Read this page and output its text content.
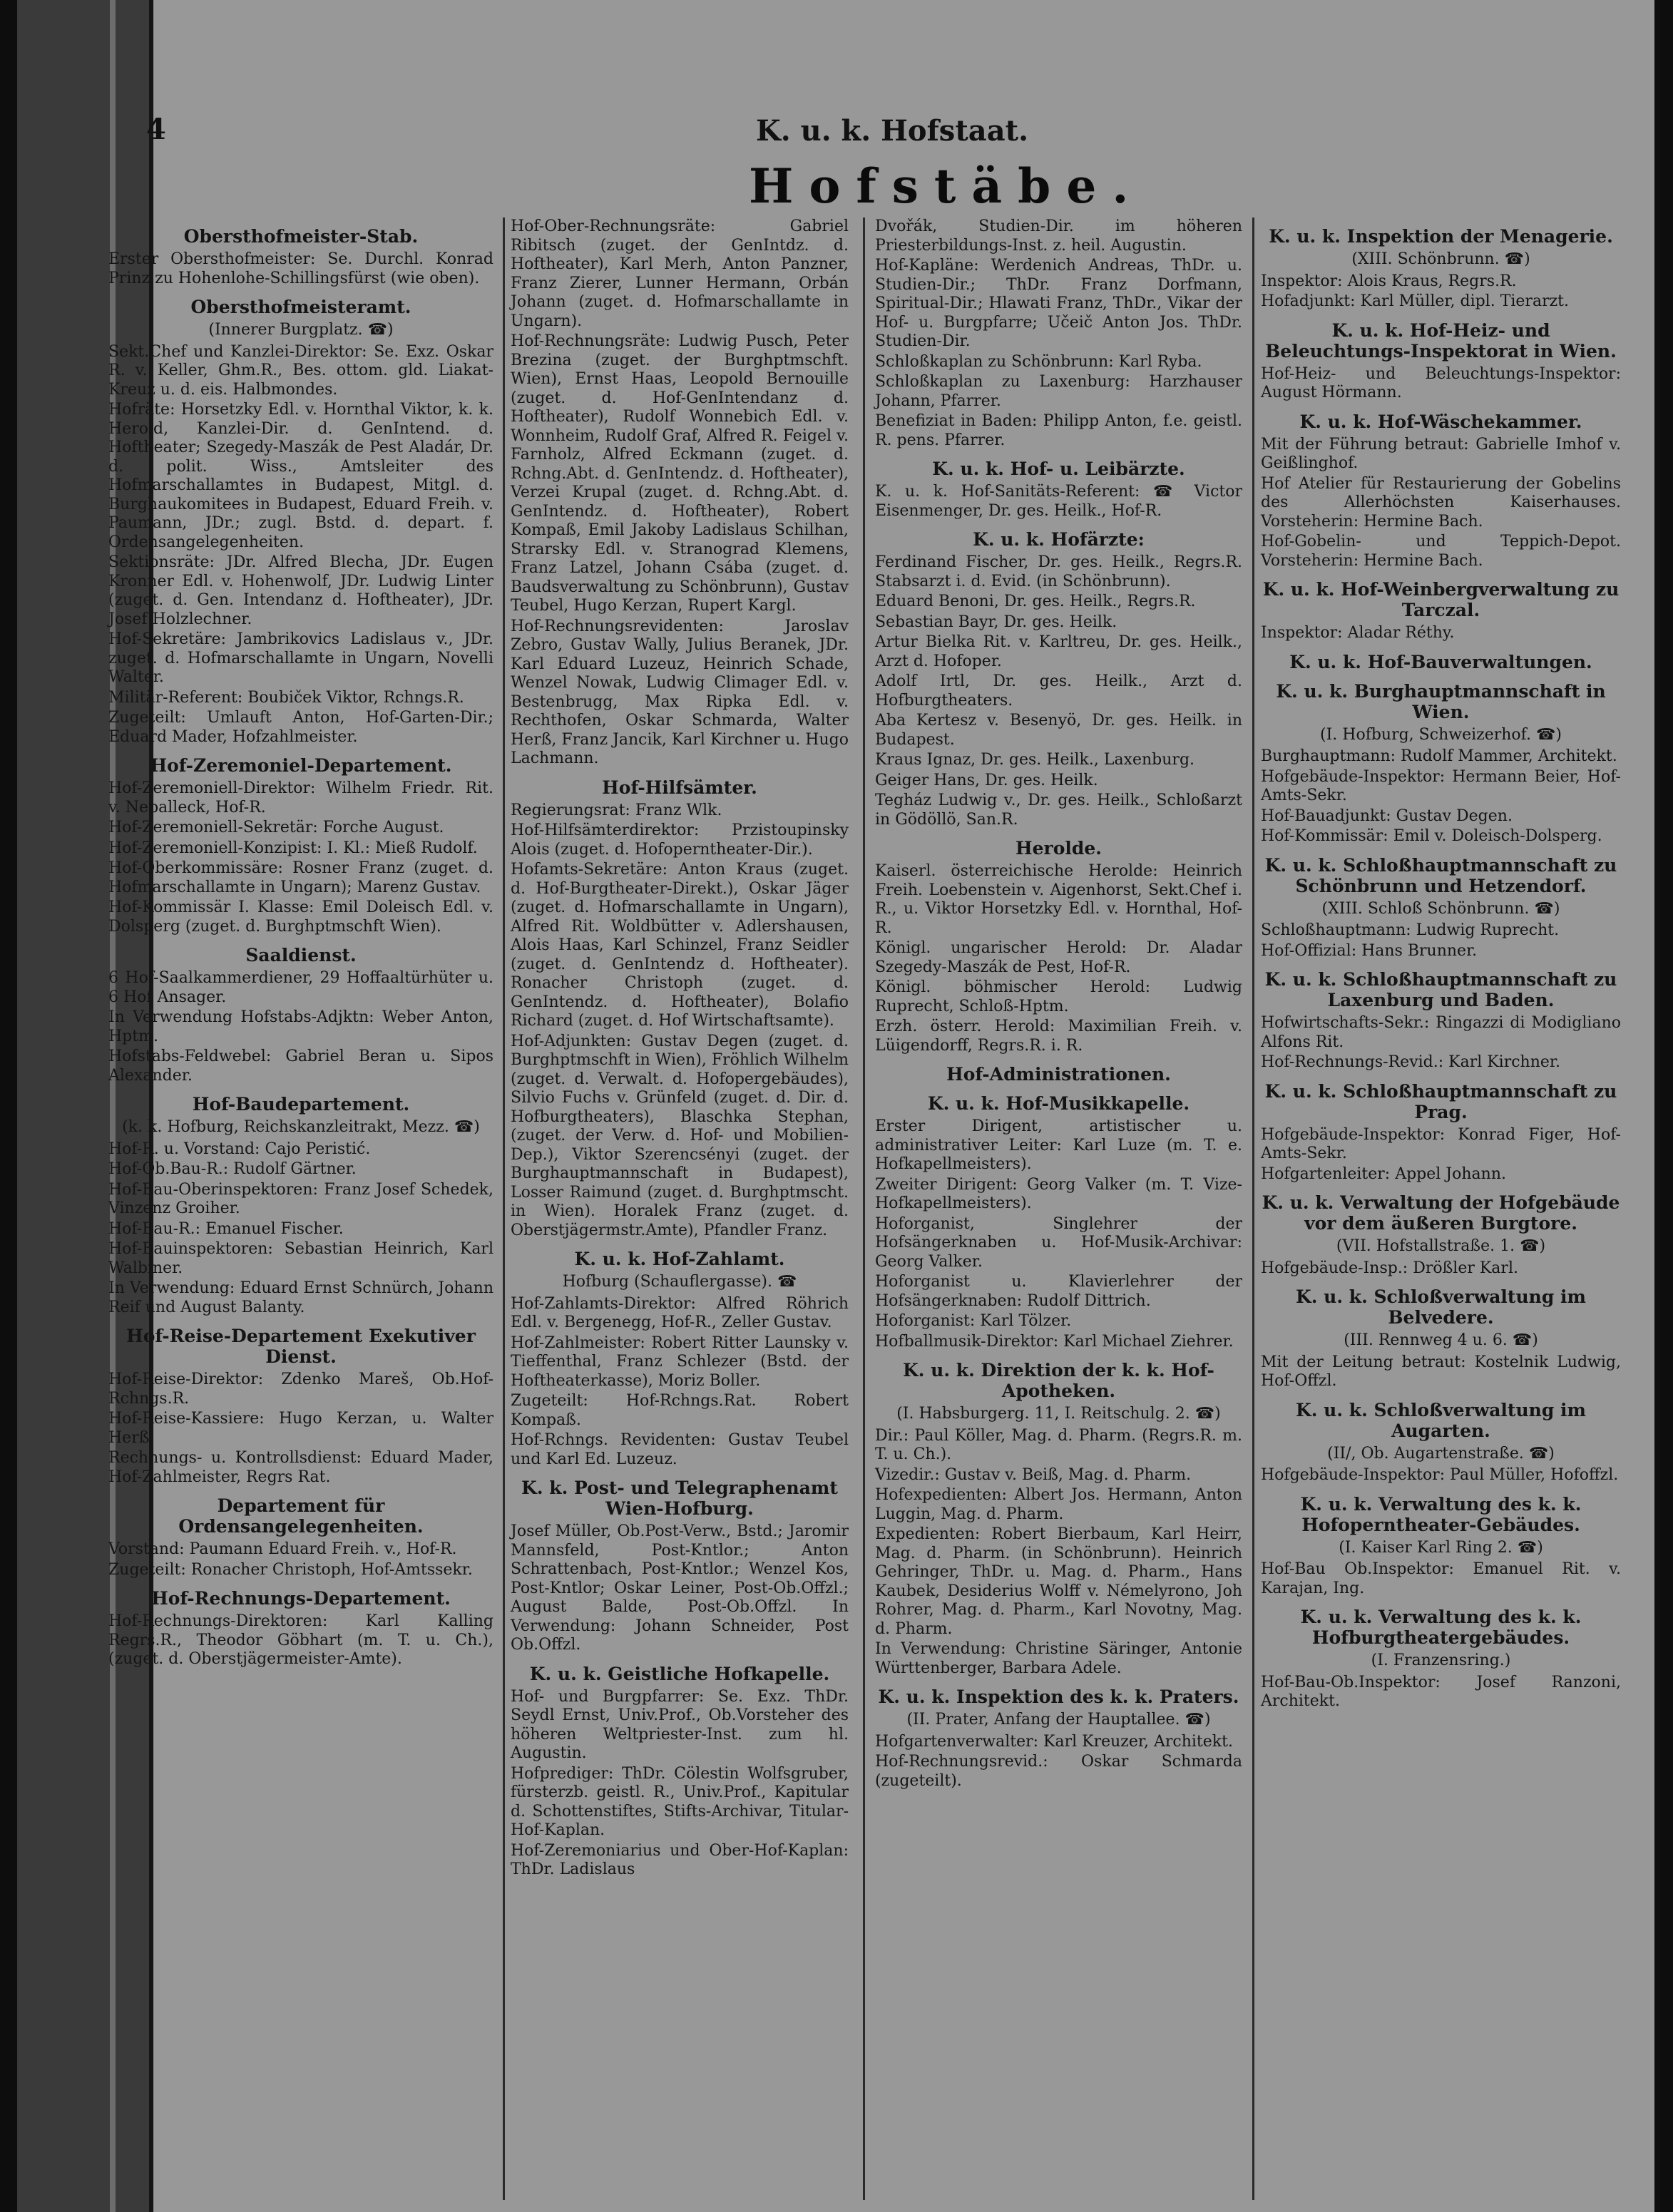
4	K. u. k. Hofstaat.
Hofstäbe.
Obersthofmeister-Stab.
Erster Obersthofmeister: Se. Durchl. Konrad Prinz zu Hohenlohe-Schillingsfürst (wie oben).
Obersthofmeisteramt.
(Innerer Burgplatz. ☎)
Sekt.Chef und Kanzlei-Direktor: Se. Exz. Oskar R. v. Keller, Ghm.R., Bes. ottom. gld. Liakat-Kreuz u. d. eis. Halbmondes.
Hofräte: Horsetzky Edl. v. Hornthal Viktor, k. k. Herold, Kanzlei-Dir. d. GenIntend. d. Hoftheater; Szegedy-Maszák de Pest Aladár, Dr. d. polit. Wiss., Amtsleiter des Hofmarschallamtes in Budapest, Mitgl. d. Burghaukomitees in Budapest, Eduard Freih. v. Paumann, JDr.; zugl. Bstd. d. depart. f. Ordensangelegenheiten.
Sektionsräte: JDr. Alfred Blecha, JDr. Eugen Kronner Edl. v. Hohenwolf, JDr. Ludwig Linter (zuget. d. Gen. Intendanz d. Hoftheater), JDr. Josef Holzlechner.
Hof-Sekretäre: Jambrikovics Ladislaus v., JDr. zuget. d. Hofmarschallamte in Ungarn, Novelli Walter.
Militär-Referent: Boubiček Viktor, Rchngs.R.
Zugeteilt: Umlauft Anton, Hof-Garten-Dir.; Eduard Mader, Hofzahlmeister.
Hof-Zeremoniel-Departement.
Hof-Zeremoniell-Direktor: Wilhelm Friedr. Rit. v. Nepalleck, Hof-R.
Hof-Zeremoniell-Sekretär: Forche August.
Hof-Zeremoniell-Konzipist: I. Kl.: Mieß Rudolf.
Hof-Oberkommissäre: Rosner Franz (zuget. d. Hofmarschallamte in Ungarn); Marenz Gustav.
Hof-Kommissär I. Klasse: Emil Doleisch Edl. v. Dolsperg (zuget. d. Burghptmschft Wien).
Saaldienst.
6 Hof-Saalkammerdiener, 29 Hoffaaltürhüter u. 6 Hof Ansager.
In Verwendung Hofstabs-Adjktn: Weber Anton, Hptm.
Hofstabs-Feldwebel: Gabriel Beran u. Sipos Alexander.
Hof-Baudepartement.
(k. k. Hofburg, Reichskanzleitrakt, Mezz. ☎)
Hof-R. u. Vorstand: Cajo Peristić.
Hof-Ob.Bau-R.: Rudolf Gärtner.
Hof-Bau-Oberinspektoren: Franz Josef Schedek, Vinzenz Groiher.
Hof-Bau-R.: Emanuel Fischer.
Hof-Bauinspektoren: Sebastian Heinrich, Karl Walbiner.
In Verwendung: Eduard Ernst Schnürch, Johann Reif und August Balanty.
Hof-Reise-Departement Exekutiver Dienst.
Hof-Reise-Direktor: Zdenko Mareš, Ob.Hof-Rchngs.R.
Hof-Reise-Kassiere: Hugo Kerzan, u. Walter Herß.
Rechnungs- u. Kontrollsdienst: Eduard Mader, Hof-Zahlmeister, Regrs Rat.
Departement für Ordensangelegenheiten.
Vorstand: Paumann Eduard Freih. v., Hof-R.
Zugeteilt: Ronacher Christoph, Hof-Amtssekr.
Hof-Rechnungs-Departement.
Hof-Rechnungs-Direktoren: Karl Kalling Regrs.R., Theodor Göbhart (m. T. u. Ch.), (zuget. d. Oberstjägermeister-Amte).
Hof-Ober-Rechnungsräte: Gabriel Ribitsch (zuget. der GenIntdz. d. Hoftheater), Karl Merh, Anton Panzner, Franz Zierer, Lunner Hermann, Orbán Johann (zuget. d. Hofmarschallamte in Ungarn).
Hof-Rechnungsräte: Ludwig Pusch, Peter Brezina (zuget. der Burghptmschft. Wien), Ernst Haas, Leopold Bernouille (zuget. d. Hof-GenIntendanz d. Hoftheater), Rudolf Wonnebich Edl. v. Wonnheim, Rudolf Graf, Alfred R. Feigel v. Farnholz, Alfred Eckmann (zuget. d. Rchng.Abt. d. GenIntendz. d. Hoftheater), Verzei Krupal (zuget. d. Rchng.Abt. d. GenIntendz. d. Hoftheater), Robert Kompaß, Emil Jakoby Ladislaus Schilhan, Strarsky Edl. v. Stranograd Klemens, Franz Latzel, Johann Csába (zuget. d. Baudsverwaltung zu Schönbrunn), Gustav Teubel, Hugo Kerzan, Rupert Kargl.
Hof-Rechnungsrevidenten: Jaroslav Zebro, Gustav Wally, Julius Beranek, JDr. Karl Eduard Luzeuz, Heinrich Schade, Wenzel Nowak, Ludwig Climager Edl. v. Bestenbrugg, Max Ripka Edl. v. Rechthofen, Oskar Schmarda, Walter Herß, Franz Jancik, Karl Kirchner u. Hugo Lachmann.
Hof-Hilfsämter.
Regierungsrat: Franz Wlk.
Hof-Hilfsämterdirektor: Przistoupinsky Alois (zuget. d. Hofoperntheater-Dir.).
Hofamts-Sekretäre: Anton Kraus (zuget. d. Hof-Burgtheater-Direkt.), Oskar Jäger (zuget. d. Hofmarschallamte in Ungarn), Alfred Rit. Woldbütter v. Adlershausen, Alois Haas, Karl Schinzel, Franz Seidler (zuget. d. GenIntendz d. Hoftheater). Ronacher Christoph (zuget. d. GenIntendz. d. Hoftheater), Bolafio Richard (zuget. d. Hof Wirtschaftsamte).
Hof-Adjunkten: Gustav Degen (zuget. d. Burghptmschft in Wien), Fröhlich Wilhelm (zuget. d. Verwalt. d. Hofopergebäudes), Silvio Fuchs v. Grünfeld (zuget. d. Dir. d. Hofburgtheaters), Blaschka Stephan, (zuget. der Verw. d. Hof- und Mobilien-Dep.), Viktor Szerencsényi (zuget. der Burghauptmannschaft in Budapest), Losser Raimund (zuget. d. Burghptmscht. in Wien). Horalek Franz (zuget. d. Oberstjägermstr.Amte), Pfandler Franz.
K. u. k. Hof-Zahlamt.
Hofburg (Schauflergasse). ☎
Hof-Zahlamts-Direktor: Alfred Röhrich Edl. v. Bergenegg, Hof-R., Zeller Gustav.
Hof-Zahlmeister: Robert Ritter Launsky v. Tieffenthal, Franz Schlezer (Bstd. der Hoftheaterkasse), Moriz Boller.
Zugeteilt: Hof-Rchngs.Rat. Robert Kompaß.
Hof-Rchngs. Revidenten: Gustav Teubel und Karl Ed. Luzeuz.
K. k. Post- und Telegraphenamt Wien-Hofburg.
Josef Müller, Ob.Post-Verw., Bstd.; Jaromir Mannsfeld, Post-Kntlor.; Anton Schrattenbach, Post-Kntlor.; Wenzel Kos, Post-Kntlor; Oskar Leiner, Post-Ob.Offzl.; August Balde, Post-Ob.Offzl. In Verwendung: Johann Schneider, Post Ob.Offzl.
K. u. k. Geistliche Hofkapelle.
Hof- und Burgpfarrer: Se. Exz. ThDr. Seydl Ernst, Univ.Prof., Ob.Vorsteher des höheren Weltpriester-Inst. zum hl. Augustin.
Hofprediger: ThDr. Cölestin Wolfsgruber, fürsterzb. geistl. R., Univ.Prof., Kapitular d. Schottenstiftes, Stifts-Archivar, Titular-Hof-Kaplan.
Hof-Zeremoniarius und Ober-Hof-Kaplan: ThDr. Ladislaus
Dvořák, Studien-Dir. im höheren Priesterbildungs-Inst. z. heil. Augustin.
Hof-Kapläne: Werdenich Andreas, ThDr. u. Studien-Dir.; ThDr. Franz Dorfmann, Spiritual-Dir.; Hlawati Franz, ThDr., Vikar der Hof- u. Burgpfarre; Učeič Anton Jos. ThDr. Studien-Dir.
Schloßkaplan zu Schönbrunn: Karl Ryba.
Schloßkaplan zu Laxenburg: Harzhauser Johann, Pfarrer.
Benefiziat in Baden: Philipp Anton, f.e. geistl. R. pens. Pfarrer.
K. u. k. Hof- u. Leibärzte.
K. u. k. Hof-Sanitäts-Referent: ☎ Victor Eisenmenger, Dr. ges. Heilk., Hof-R.
K. u. k. Hofärzte:
Ferdinand Fischer, Dr. ges. Heilk., Regrs.R. Stabsarzt i. d. Evid. (in Schönbrunn).
Eduard Benoni, Dr. ges. Heilk., Regrs.R.
Sebastian Bayr, Dr. ges. Heilk.
Artur Bielka Rit. v. Karltreu, Dr. ges. Heilk., Arzt d. Hofoper.
Adolf Irtl, Dr. ges. Heilk., Arzt d. Hofburgtheaters.
Aba Kertesz v. Besenyö, Dr. ges. Heilk. in Budapest.
Kraus Ignaz, Dr. ges. Heilk., Laxenburg.
Geiger Hans, Dr. ges. Heilk.
Tegház Ludwig v., Dr. ges. Heilk., Schloßarzt in Gödöllö, San.R.
Herolde.
Kaiserl. österreichische Herolde: Heinrich Freih. Loebenstein v. Aigenhorst, Sekt.Chef i. R., u. Viktor Horsetzky Edl. v. Hornthal, Hof-R.
Königl. ungarischer Herold: Dr. Aladar Szegedy-Maszák de Pest, Hof-R.
Königl. böhmischer Herold: Ludwig Ruprecht, Schloß-Hptm.
Erzh. österr. Herold: Maximilian Freih. v. Lüigendorff, Regrs.R. i. R.
Hof-Administrationen.
K. u. k. Hof-Musikkapelle.
Erster Dirigent, artistischer u. administrativer Leiter: Karl Luze (m. T. e. Hofkapellmeisters).
Zweiter Dirigent: Georg Valker (m. T. Vize-Hofkapellmeisters).
Hoforganist, Singlehrer der Hofsängerknaben u. Hof-Musik-Archivar: Georg Valker.
Hoforganist u. Klavierlehrer der Hofsängerknaben: Rudolf Dittrich.
Hoforganist: Karl Tölzer.
Hofballmusik-Direktor: Karl Michael Ziehrer.
K. u. k. Direktion der k. k. Hof-Apotheken.
(I. Habsburgerg. 11, I. Reitschulg. 2. ☎)
Dir.: Paul Köller, Mag. d. Pharm. (Regrs.R. m. T. u. Ch.).
Vizedir.: Gustav v. Beiß, Mag. d. Pharm.
Hofexpedienten: Albert Jos. Hermann, Anton Luggin, Mag. d. Pharm.
Expedienten: Robert Bierbaum, Karl Heirr, Mag. d. Pharm. (in Schönbrunn). Heinrich Gehringer, ThDr. u. Mag. d. Pharm., Hans Kaubek, Desiderius Wolff v. Némelyrono, Joh Rohrer, Mag. d. Pharm., Karl Novotny, Mag. d. Pharm.
In Verwendung: Christine Säringer, Antonie Württenberger, Barbara Adele.
K. u. k. Inspektion des k. k. Praters.
(II. Prater, Anfang der Hauptallee. ☎)
Hofgartenverwalter: Karl Kreuzer, Architekt.
Hof-Rechnungsrevid.: Oskar Schmarda (zugeteilt).
K. u. k. Inspektion der Menagerie.
(XIII. Schönbrunn. ☎)
Inspektor: Alois Kraus, Regrs.R.
Hofadjunkt: Karl Müller, dipl. Tierarzt.
K. u. k. Hof-Heiz- und Beleuchtungs-Inspektorat in Wien.
Hof-Heiz- und Beleuchtungs-Inspektor: August Hörmann.
K. u. k. Hof-Wäschekammer.
Mit der Führung betraut: Gabrielle Imhof v. Geißlinghof.
Hof Atelier für Restaurierung der Gobelins des Allerhöchsten Kaiserhauses. Vorsteherin: Hermine Bach.
Hof-Gobelin- und Teppich-Depot. Vorsteherin: Hermine Bach.
K. u. k. Hof-Weinbergverwaltung zu Tarczal.
Inspektor: Aladar Réthy.
K. u. k. Hof-Bauverwaltungen.
K. u. k. Burghauptmannschaft in Wien.
(I. Hofburg, Schweizerhof. ☎)
Burghauptmann: Rudolf Mammer, Architekt.
Hofgebäude-Inspektor: Hermann Beier, Hof-Amts-Sekr.
Hof-Bauadjunkt: Gustav Degen.
Hof-Kommissär: Emil v. Doleisch-Dolsperg.
K. u. k. Schloßhauptmannschaft zu Schönbrunn und Hetzendorf.
(XIII. Schloß Schönbrunn. ☎)
Schloßhauptmann: Ludwig Ruprecht.
Hof-Offizial: Hans Brunner.
K. u. k. Schloßhauptmannschaft zu Laxenburg und Baden.
Hofwirtschafts-Sekr.: Ringazzi di Modigliano Alfons Rit.
Hof-Rechnungs-Revid.: Karl Kirchner.
K. u. k. Schloßhauptmannschaft zu Prag.
Hofgebäude-Inspektor: Konrad Figer, Hof-Amts-Sekr.
Hofgartenleiter: Appel Johann.
K. u. k. Verwaltung der Hofgebäude vor dem äußeren Burgtore.
(VII. Hofstallstraße. 1. ☎)
Hofgebäude-Insp.: Drößler Karl.
K. u. k. Schloßverwaltung im Belvedere.
(III. Rennweg 4 u. 6. ☎)
Mit der Leitung betraut: Kostelnik Ludwig, Hof-Offzl.
K. u. k. Schloßverwaltung im Augarten.
(II/, Ob. Augartenstraße. ☎)
Hofgebäude-Inspektor: Paul Müller, Hofoffzl.
K. u. k. Verwaltung des k. k. Hofoperntheater-Gebäudes.
(I. Kaiser Karl Ring 2. ☎)
Hof-Bau Ob.Inspektor: Emanuel Rit. v. Karajan, Ing.
K. u. k. Verwaltung des k. k. Hofburgtheatergebäudes.
(I. Franzensring.)
Hof-Bau-Ob.Inspektor: Josef Ranzoni, Architekt.
